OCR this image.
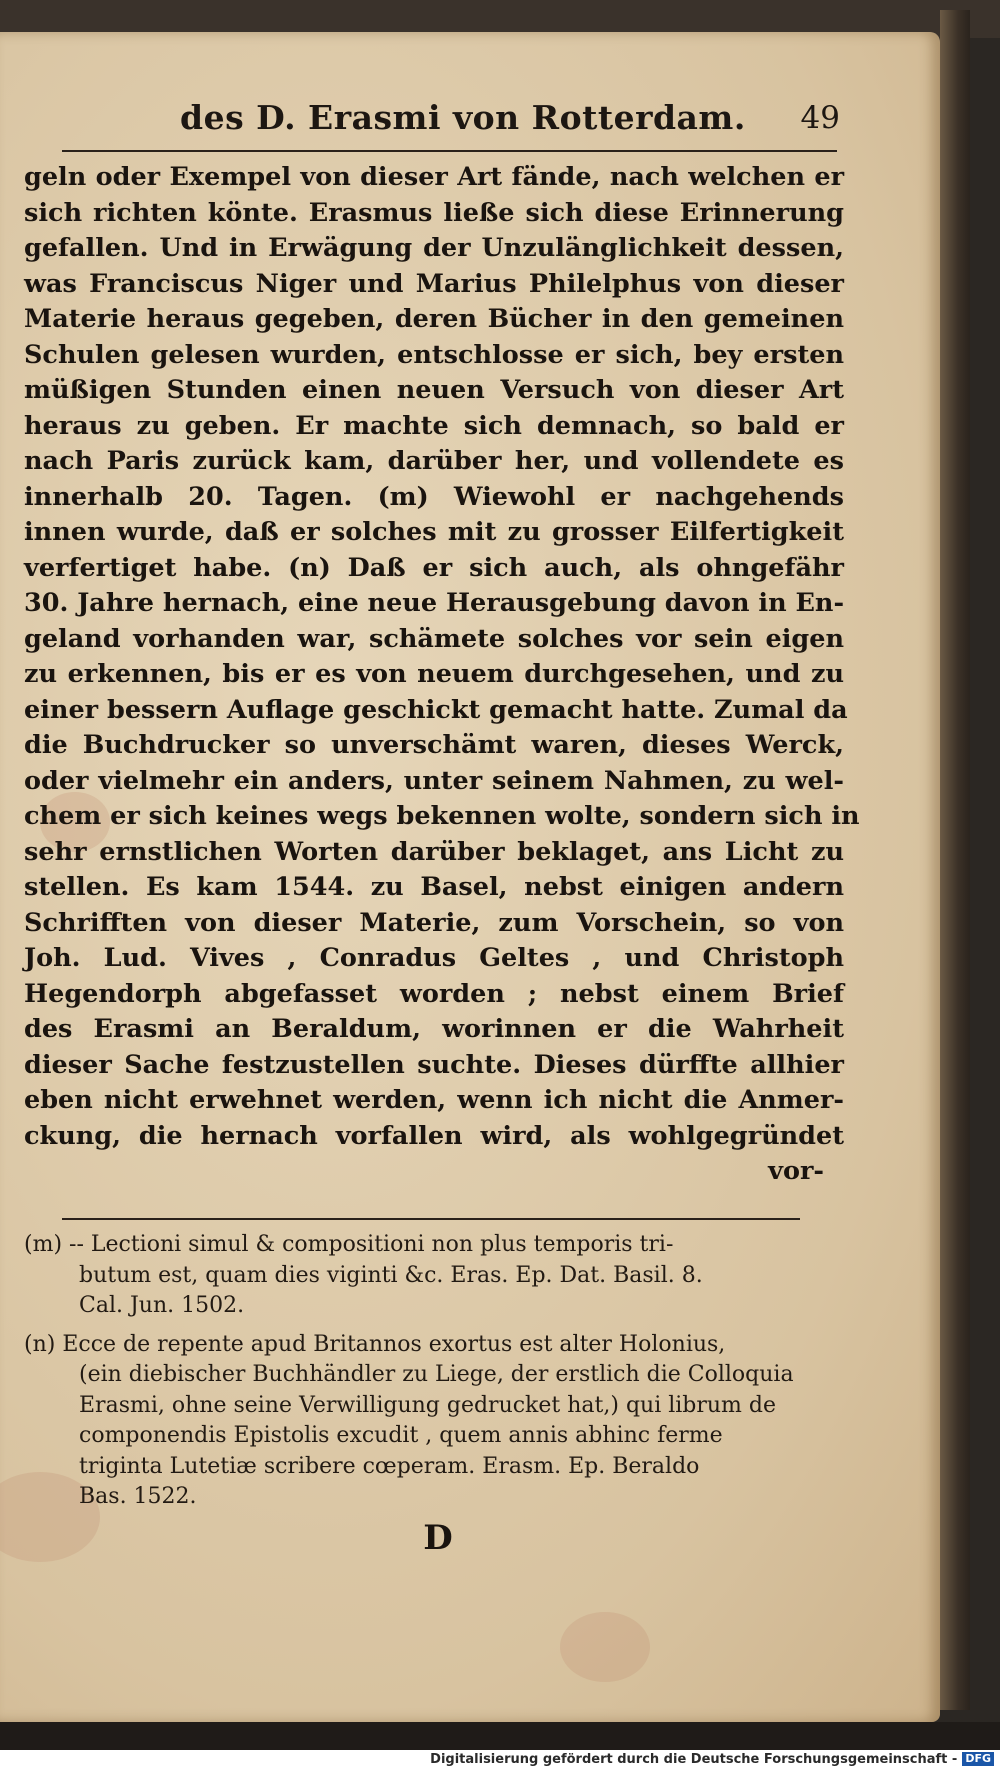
des D. Erasmi von Rotterdam. 49
geln oder Exempel von dieser Art fände, nach welchen er
sich richten könte. Erasmus ließe sich diese Erinnerung
gefallen. Und in Erwägung der Unzulänglichkeit dessen,
was Franciscus Niger und Marius Philelphus von dieser
Materie heraus gegeben, deren Bücher in den gemeinen
Schulen gelesen wurden, entschlosse er sich, bey ersten
müßigen Stunden einen neuen Versuch von dieser Art
heraus zu geben. Er machte sich demnach, so bald er
nach Paris zurück kam, darüber her, und vollendete es
innerhalb 20. Tagen. (m) Wiewohl er nachgehends
innen wurde, daß er solches mit zu grosser Eilfertigkeit
verfertiget habe. (n) Daß er sich auch, als ohngefähr
30. Jahre hernach, eine neue Herausgebung davon in En-
geland vorhanden war, schämete solches vor sein eigen
zu erkennen, bis er es von neuem durchgesehen, und zu
einer bessern Auflage geschickt gemacht hatte. Zumal da
die Buchdrucker so unverschämt waren, dieses Werck,
oder vielmehr ein anders, unter seinem Nahmen, zu wel-
chem er sich keines wegs bekennen wolte, sondern sich in
sehr ernstlichen Worten darüber beklaget, ans Licht zu
stellen. Es kam 1544. zu Basel, nebst einigen andern
Schrifften von dieser Materie, zum Vorschein, so von
Joh. Lud. Vives , Conradus Geltes , und Christoph
Hegendorph abgefasset worden ; nebst einem Brief
des Erasmi an Beraldum, worinnen er die Wahrheit
dieser Sache festzustellen suchte. Dieses dürffte allhier
eben nicht erwehnet werden, wenn ich nicht die Anmer-
ckung, die hernach vorfallen wird, als wohlgegründet
vor-
(m) -- Lectioni simul & compositioni non plus temporis tri-
butum est, quam dies viginti &c. Eras. Ep. Dat. Basil. 8.
Cal. Jun. 1502.
(n) Ecce de repente apud Britannos exortus est alter Holonius,
(ein diebischer Buchhändler zu Liege, der erstlich die Colloquia
Erasmi, ohne seine Verwilligung gedrucket hat,) qui librum de
componendis Epistolis excudit , quem annis abhinc ferme
triginta Lutetiæ scribere cœperam. Erasm. Ep. Beraldo
Bas. 1522.
D
Digitalisierung gefördert durch die Deutsche Forschungsgemeinschaft - DFG
